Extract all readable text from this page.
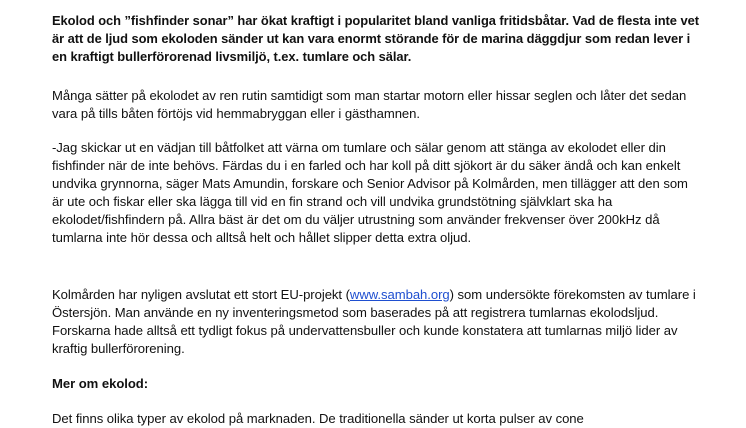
Ekolod och ”fishfinder sonar” har ökat kraftigt i popularitet bland vanliga fritidsbåtar. Vad de flesta inte vet är att de ljud som ekoloden sänder ut kan vara enormt störande för de marina däggdjur som redan lever i en kraftigt bullerförorenad livsmiljö, t.ex. tumlare och sälar.

Många sätter på ekolodet av ren rutin samtidigt som man startar motorn eller hissar seglen och låter det sedan vara på tills båten förtöjs vid hemmabryggan eller i gästhamnen.

-Jag skickar ut en vädjan till båtfolket att värna om tumlare och sälar genom att stänga av ekolodet eller din fishfinder när de inte behövs. Färdas du i en farled och har koll på ditt sjökort är du säker ändå och kan enkelt undvika grynnorna, säger Mats Amundin, forskare och Senior Advisor på Kolmården, men tillägger att den som är ute och fiskar eller ska lägga till vid en fin strand och vill undvika grundstötning självklart ska ha ekolodet/fishfindern på. Allra bäst är det om du väljer utrustning som använder frekvenser över 200kHz då tumlarna inte hör dessa och alltså helt och hållet slipper detta extra oljud.

Kolmården har nyligen avslutat ett stort EU-projekt (www.sambah.org) som undersökte förekomsten av tumlare i Östersjön. Man använde en ny inventeringsmetod som baserades på att registrera tumlarnas ekolodsljud. Forskarna hade alltså ett tydligt fokus på undervattensbuller och kunde konstatera att tumlarnas miljö lider av kraftig bullerförorening.

Mer om ekolod:

Det finns olika typer av ekolod på marknaden. De traditionella sänder ut korta pulser av cone
